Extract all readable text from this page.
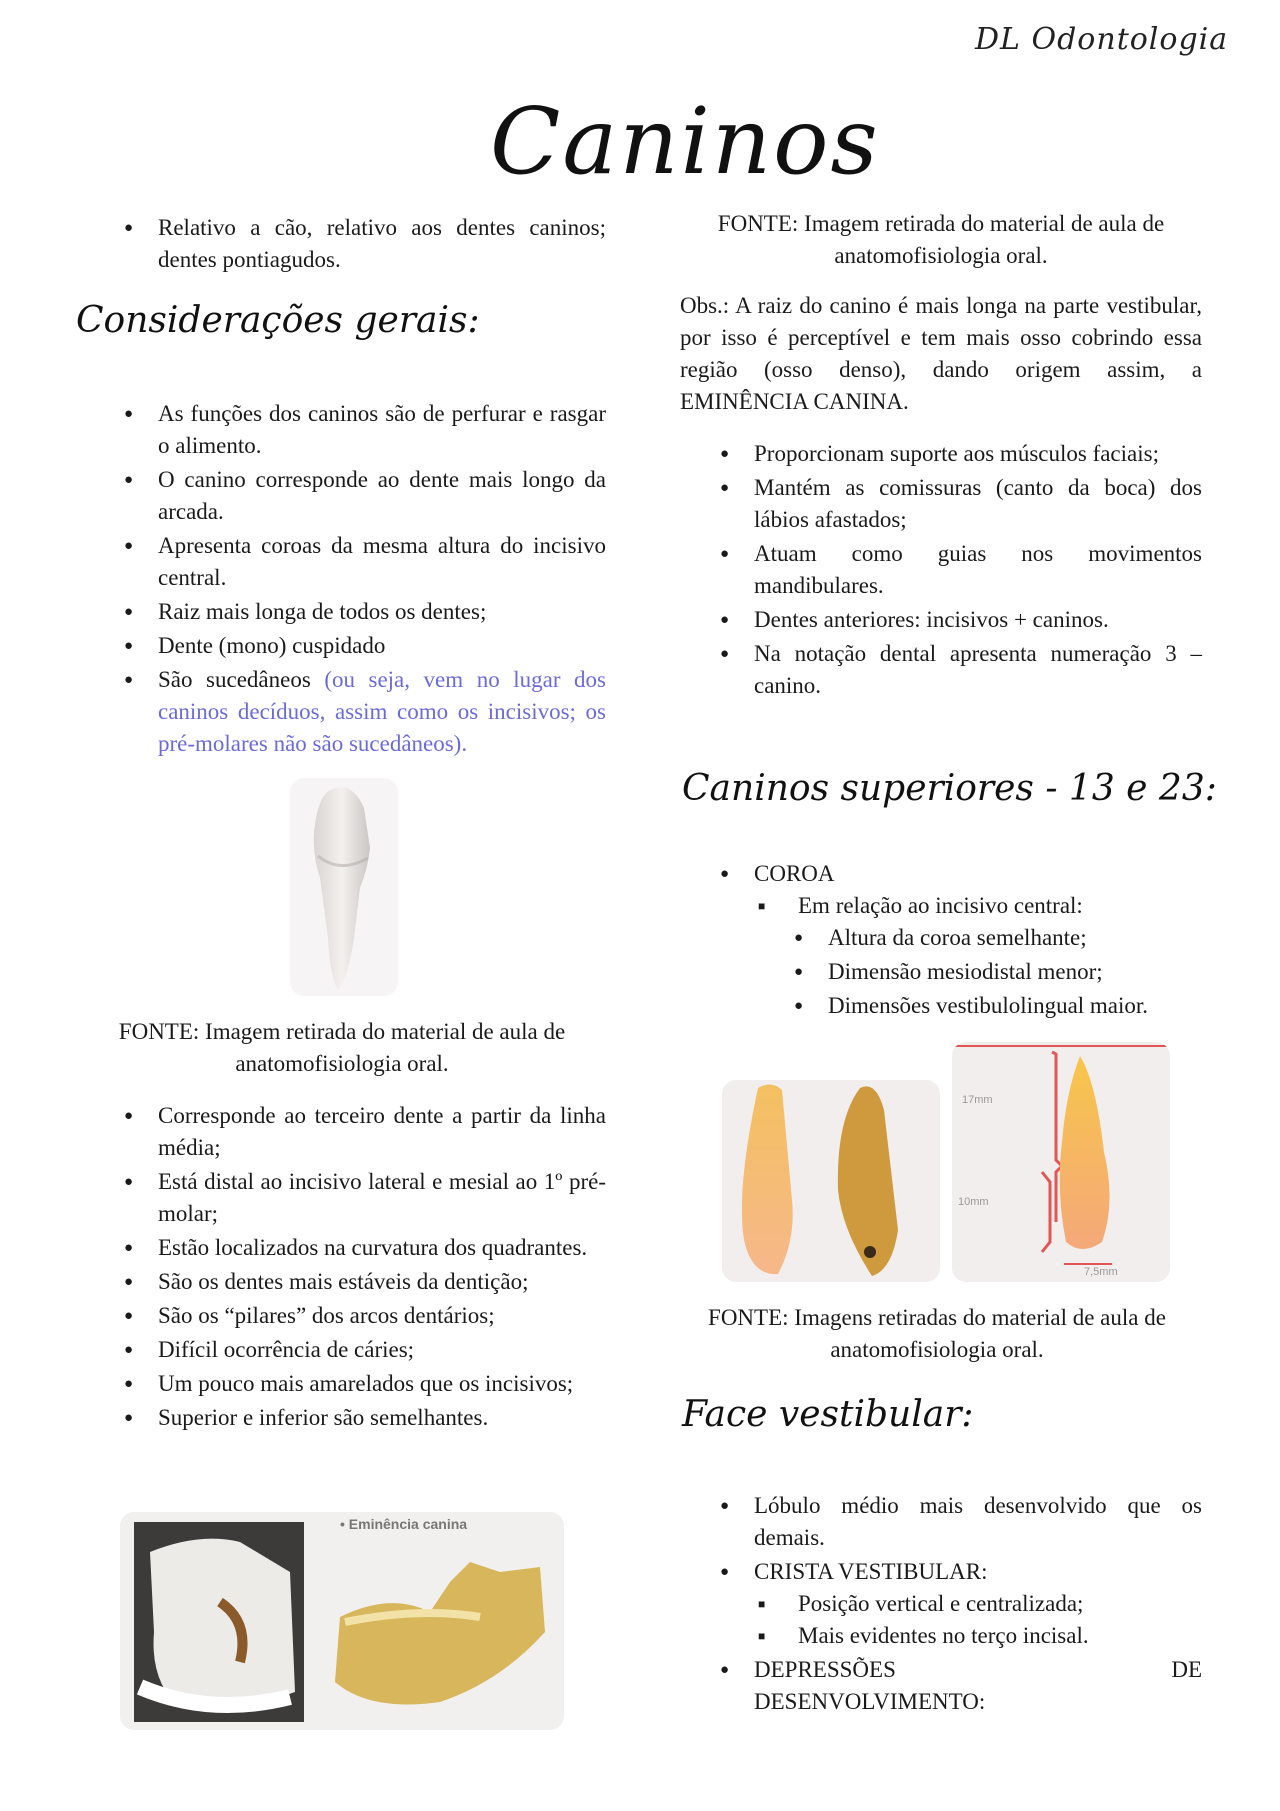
DL Odontologia
Caninos
● Relativo a cão, relativo aos dentes caninos; dentes pontiagudos.
Considerações gerais:
● As funções dos caninos são de perfurar e rasgar o alimento.
● O canino corresponde ao dente mais longo da arcada.
● Apresenta coroas da mesma altura do incisivo central.
● Raiz mais longa de todos os dentes;
● Dente (mono) cuspidado
● São sucedâneos (ou seja, vem no lugar dos caninos decíduos, assim como os incisivos; os pré-molares não são sucedâneos).
FONTE: Imagem retirada do material de aula de anatomofisiologia oral.
● Corresponde ao terceiro dente a partir da linha média;
● Está distal ao incisivo lateral e mesial ao 1º pré-molar;
● Estão localizados na curvatura dos quadrantes.
● São os dentes mais estáveis da dentição;
● São os “pilares” dos arcos dentários;
● Difícil ocorrência de cáries;
● Um pouco mais amarelados que os incisivos;
● Superior e inferior são semelhantes.
• Eminência canina
FONTE: Imagem retirada do material de aula de anatomofisiologia oral.

Obs.: A raiz do canino é mais longa na parte vestibular, por isso é perceptível e tem mais osso cobrindo essa região (osso denso), dando origem assim, a EMINÊNCIA CANINA.

● Proporcionam suporte aos músculos faciais;
● Mantém as comissuras (canto da boca) dos lábios afastados;
● Atuam como guias nos movimentos mandibulares.
● Dentes anteriores: incisivos + caninos.
● Na notação dental apresenta numeração 3 – canino.
Caninos superiores - 13 e 23:
● COROA
■ Em relação ao incisivo central:
● Altura da coroa semelhante;
● Dimensão mesiodistal menor;
● Dimensões vestibulolingual maior.
17mm
10mm
7,5mm
FONTE: Imagens retiradas do material de aula de anatomofisiologia oral.
Face vestibular:
● Lóbulo médio mais desenvolvido que os demais.
● CRISTA VESTIBULAR:
■ Posição vertical e centralizada;
■ Mais evidentes no terço incisal.
● DEPRESSÕES	DE
DESENVOLVIMENTO:
